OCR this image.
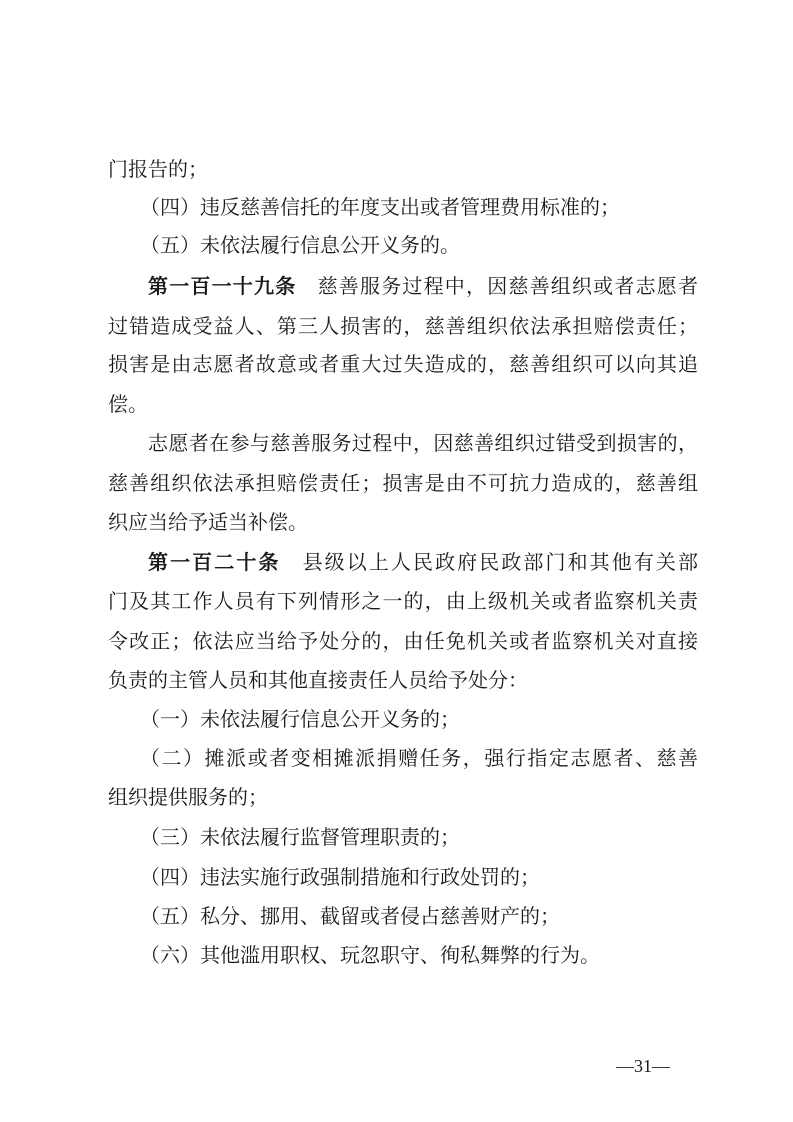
门报告的；
（四）违反慈善信托的年度支出或者管理费用标准的；
（五）未依法履行信息公开义务的。
第一百一十九条　 慈善服务过程中，因慈善组织或者志愿者
过错造成受益人、第三人损害的，慈善组织依法承担赔偿责任；
损害是由志愿者故意或者重大过失造成的，慈善组织可以向其追
偿。
志愿者在参与慈善服务过程中，因慈善组织过错受到损害的，
慈善组织依法承担赔偿责任；损害是由不可抗力造成的，慈善组
织应当给予适当补偿。
第一百二十条　 县级以上人民政府民政部门和其他有关部
门及其工作人员有下列情形之一的，由上级机关或者监察机关责
令改正；依法应当给予处分的，由任免机关或者监察机关对直接
负责的主管人员和其他直接责任人员给予处分：
（一）未依法履行信息公开义务的；
（二）摊派或者变相摊派捐赠任务，强行指定志愿者、慈善
组织提供服务的；
（三）未依法履行监督管理职责的；
（四）违法实施行政强制措施和行政处罚的；
（五）私分、挪用、截留或者侵占慈善财产的；
（六）其他滥用职权、玩忽职守、徇私舞弊的行为。
—31—
